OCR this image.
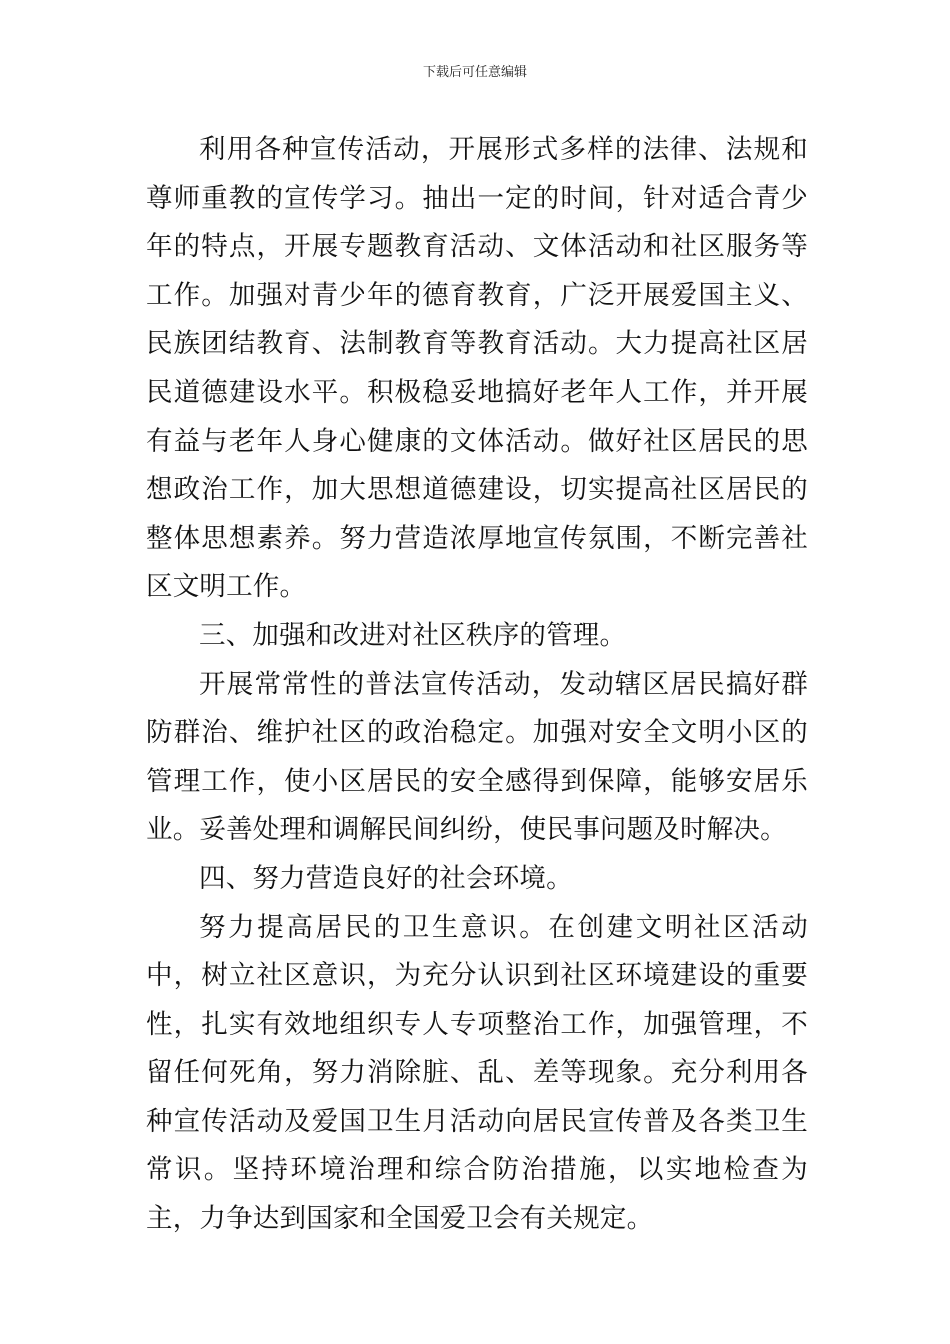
下载后可任意编辑

利用各种宣传活动，开展形式多样的法律、法规和尊师重教的宣传学习。抽出一定的时间，针对适合青少年的特点，开展专题教育活动、文体活动和社区服务等工作。加强对青少年的德育教育，广泛开展爱国主义、民族团结教育、法制教育等教育活动。大力提高社区居民道德建设水平。积极稳妥地搞好老年人工作，并开展有益与老年人身心健康的文体活动。做好社区居民的思想政治工作，加大思想道德建设，切实提高社区居民的整体思想素养。努力营造浓厚地宣传氛围，不断完善社区文明工作。

三、加强和改进对社区秩序的管理。

开展常常性的普法宣传活动，发动辖区居民搞好群防群治、维护社区的政治稳定。加强对安全文明小区的管理工作，使小区居民的安全感得到保障，能够安居乐业。妥善处理和调解民间纠纷，使民事问题及时解决。

四、努力营造良好的社会环境。

努力提高居民的卫生意识。在创建文明社区活动中，树立社区意识，为充分认识到社区环境建设的重要性，扎实有效地组织专人专项整治工作，加强管理，不留任何死角，努力消除脏、乱、差等现象。充分利用各种宣传活动及爱国卫生月活动向居民宣传普及各类卫生常识。坚持环境治理和综合防治措施，以实地检查为主，力争达到国家和全国爱卫会有关规定。
